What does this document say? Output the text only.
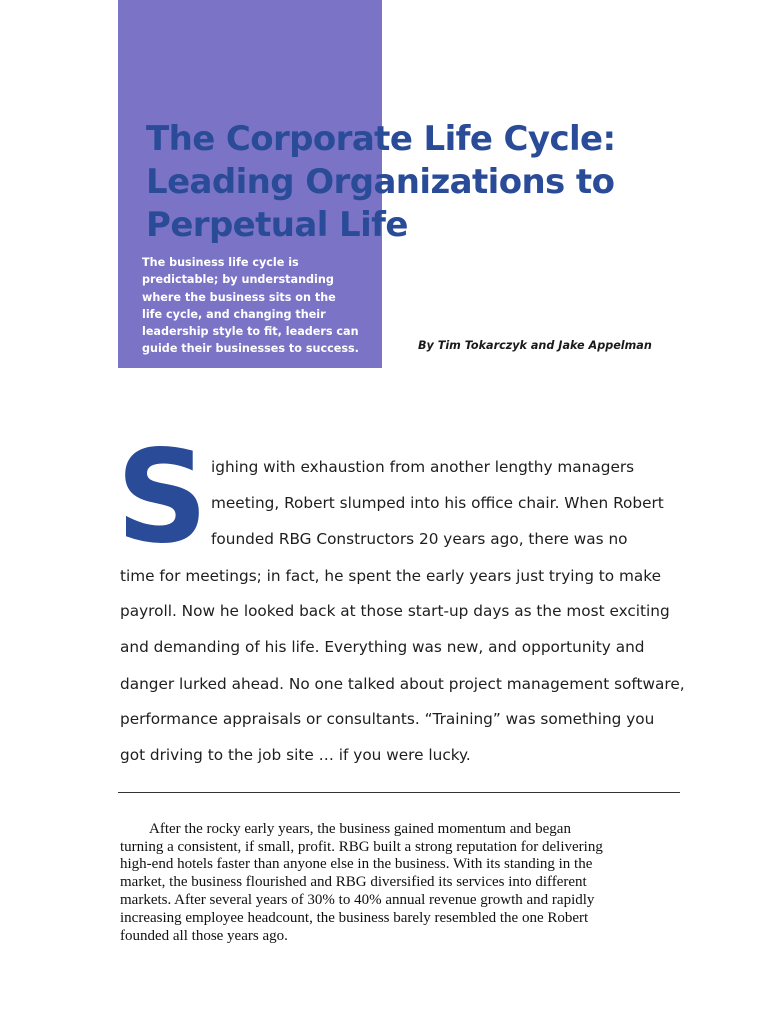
The Corporate Life Cycle:
Leading Organizations to
Perpetual Life
The business life cycle is
predictable; by understanding
where the business sits on the
life cycle, and changing their
leadership style to fit, leaders can
guide their businesses to success.	By Tim Tokarczyk and Jake Appelman
S ighing with exhaustion from another lengthy managers
meeting, Robert slumped into his office chair. When Robert
founded RBG Constructors 20 years ago, there was no
time for meetings; in fact, he spent the early years just trying to make
payroll. Now he looked back at those start-up days as the most exciting
and demanding of his life. Everything was new, and opportunity and
danger lurked ahead. No one talked about project management software,
performance appraisals or consultants. “Training” was something you
got driving to the job site … if you were lucky.
After the rocky early years, the business gained momentum and began
turning a consistent, if small, profit. RBG built a strong reputation for delivering
high-end hotels faster than anyone else in the business. With its standing in the
market, the business flourished and RBG diversified its services into different
markets. After several years of 30% to 40% annual revenue growth and rapidly
increasing employee headcount, the business barely resembled the one Robert
founded all those years ago.
